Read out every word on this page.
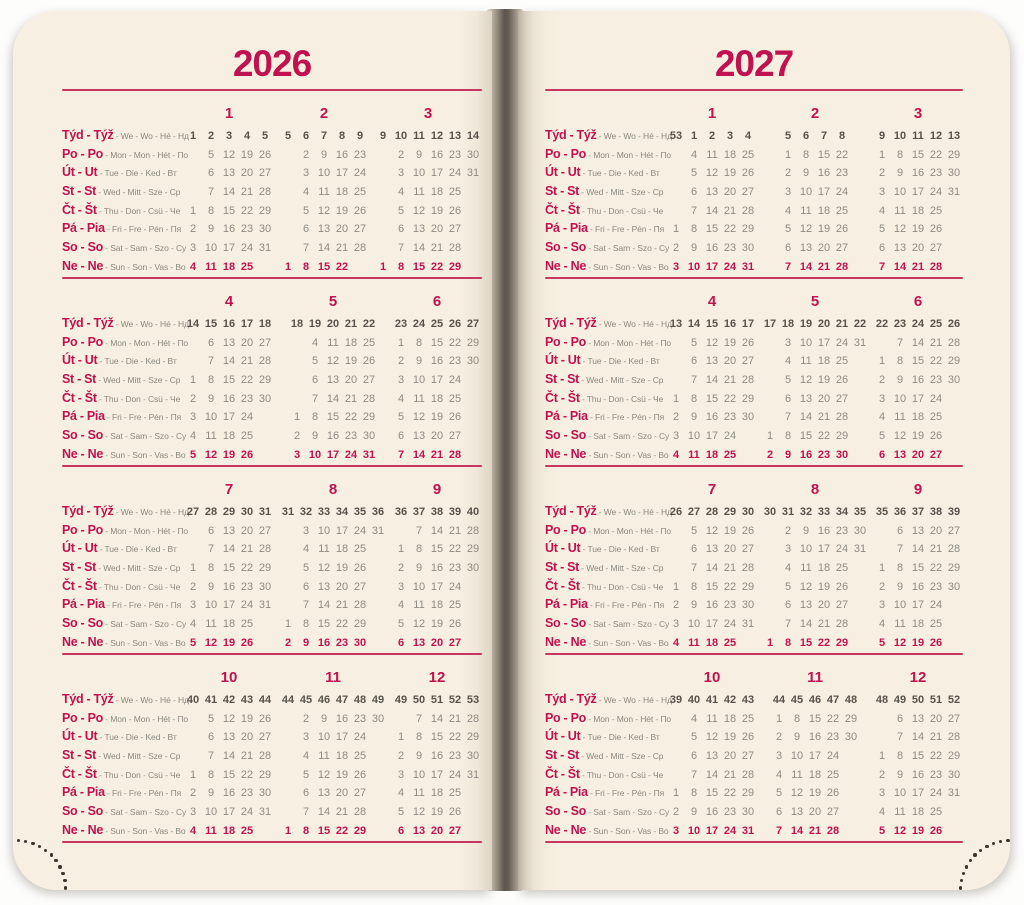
2026
Týd - Týž - We - Wo - Hé - Нд
Po - Po - Mon - Mon - Hét - По
Út - Ut - Tue - Die - Ked - Вт
St - St - Wed - Mitt - Sze - Ср
Čt - Št - Thu - Don - Csü - Че
Pá - Pia - Fri - Fre - Pén - Пя
So - So - Sat - Sam - Szo - Су
Ne - Ne - Sun - Son - Vas - Во
1
1 2 3 4 5
5 12 19 26
6 13 20 27
7 14 21 28
1 8 15 22 29
2 9 16 23 30
3 10 17 24 31
4 11 18 25
2
5 6 7 8 9
2 9 16 23
3 10 17 24
4 11 18 25
5 12 19 26
6 13 20 27
7 14 21 28
1 8 15 22
3
9 10 11 12 13 14
2 9 16 23 30
3 10 17 24 31
4 11 18 25
5 12 19 26
6 13 20 27
7 14 21 28
1 8 15 22 29
Týd - Týž - We - Wo - Hé - Нд
Po - Po - Mon - Mon - Hét - По
Út - Ut - Tue - Die - Ked - Вт
St - St - Wed - Mitt - Sze - Ср
Čt - Št - Thu - Don - Csü - Че
Pá - Pia - Fri - Fre - Pén - Пя
So - So - Sat - Sam - Szo - Су
Ne - Ne - Sun - Son - Vas - Во
4
14 15 16 17 18
6 13 20 27
7 14 21 28
1 8 15 22 29
2 9 16 23 30
3 10 17 24
4 11 18 25
5 12 19 26
5
18 19 20 21 22
4 11 18 25
5 12 19 26
6 13 20 27
7 14 21 28
1 8 15 22 29
2 9 16 23 30
3 10 17 24 31
6
23 24 25 26 27
1 8 15 22 29
2 9 16 23 30
3 10 17 24
4 11 18 25
5 12 19 26
6 13 20 27
7 14 21 28
Týd - Týž - We - Wo - Hé - Нд
Po - Po - Mon - Mon - Hét - По
Út - Ut - Tue - Die - Ked - Вт
St - St - Wed - Mitt - Sze - Ср
Čt - Št - Thu - Don - Csü - Че
Pá - Pia - Fri - Fre - Pén - Пя
So - So - Sat - Sam - Szo - Су
Ne - Ne - Sun - Son - Vas - Во
7
27 28 29 30 31
6 13 20 27
7 14 21 28
1 8 15 22 29
2 9 16 23 30
3 10 17 24 31
4 11 18 25
5 12 19 26
8
31 32 33 34 35 36
3 10 17 24 31
4 11 18 25
5 12 19 26
6 13 20 27
7 14 21 28
1 8 15 22 29
2 9 16 23 30
9
36 37 38 39 40
7 14 21 28
1 8 15 22 29
2 9 16 23 30
3 10 17 24
4 11 18 25
5 12 19 26
6 13 20 27
Týd - Týž - We - Wo - Hé - Нд
Po - Po - Mon - Mon - Hét - По
Út - Ut - Tue - Die - Ked - Вт
St - St - Wed - Mitt - Sze - Ср
Čt - Št - Thu - Don - Csü - Че
Pá - Pia - Fri - Fre - Pén - Пя
So - So - Sat - Sam - Szo - Су
Ne - Ne - Sun - Son - Vas - Во
10
40 41 42 43 44
5 12 19 26
6 13 20 27
7 14 21 28
1 8 15 22 29
2 9 16 23 30
3 10 17 24 31
4 11 18 25
11
44 45 46 47 48 49
2 9 16 23 30
3 10 17 24
4 11 18 25
5 12 19 26
6 13 20 27
7 14 21 28
1 8 15 22 29
12
49 50 51 52 53
7 14 21 28
1 8 15 22 29
2 9 16 23 30
3 10 17 24 31
4 11 18 25
5 12 19 26
6 13 20 27
2027
Týd - Týž - We - Wo - Hé - Нд
Po - Po - Mon - Mon - Hét - По
Út - Ut - Tue - Die - Ked - Вт
St - St - Wed - Mitt - Sze - Ср
Čt - Št - Thu - Don - Csü - Че
Pá - Pia - Fri - Fre - Pén - Пя
So - So - Sat - Sam - Szo - Су
Ne - Ne - Sun - Son - Vas - Во
1
53 1 2 3 4
4 11 18 25
5 12 19 26
6 13 20 27
7 14 21 28
1 8 15 22 29
2 9 16 23 30
3 10 17 24 31
2
5 6 7 8
1 8 15 22
2 9 16 23
3 10 17 24
4 11 18 25
5 12 19 26
6 13 20 27
7 14 21 28
3
9 10 11 12 13
1 8 15 22 29
2 9 16 23 30
3 10 17 24 31
4 11 18 25
5 12 19 26
6 13 20 27
7 14 21 28
Týd - Týž - We - Wo - Hé - Нд
Po - Po - Mon - Mon - Hét - По
Út - Ut - Tue - Die - Ked - Вт
St - St - Wed - Mitt - Sze - Ср
Čt - Št - Thu - Don - Csü - Че
Pá - Pia - Fri - Fre - Pén - Пя
So - So - Sat - Sam - Szo - Су
Ne - Ne - Sun - Son - Vas - Во
4
13 14 15 16 17
5 12 19 26
6 13 20 27
7 14 21 28
1 8 15 22 29
2 9 16 23 30
3 10 17 24
4 11 18 25
5
17 18 19 20 21 22
3 10 17 24 31
4 11 18 25
5 12 19 26
6 13 20 27
7 14 21 28
1 8 15 22 29
2 9 16 23 30
6
22 23 24 25 26
7 14 21 28
1 8 15 22 29
2 9 16 23 30
3 10 17 24
4 11 18 25
5 12 19 26
6 13 20 27
Týd - Týž - We - Wo - Hé - Нд
Po - Po - Mon - Mon - Hét - По
Út - Ut - Tue - Die - Ked - Вт
St - St - Wed - Mitt - Sze - Ср
Čt - Št - Thu - Don - Csü - Че
Pá - Pia - Fri - Fre - Pén - Пя
So - So - Sat - Sam - Szo - Су
Ne - Ne - Sun - Son - Vas - Во
7
26 27 28 29 30
5 12 19 26
6 13 20 27
7 14 21 28
1 8 15 22 29
2 9 16 23 30
3 10 17 24 31
4 11 18 25
8
30 31 32 33 34 35
2 9 16 23 30
3 10 17 24 31
4 11 18 25
5 12 19 26
6 13 20 27
7 14 21 28
1 8 15 22 29
9
35 36 37 38 39
6 13 20 27
7 14 21 28
1 8 15 22 29
2 9 16 23 30
3 10 17 24
4 11 18 25
5 12 19 26
Týd - Týž - We - Wo - Hé - Нд
Po - Po - Mon - Mon - Hét - По
Út - Ut - Tue - Die - Ked - Вт
St - St - Wed - Mitt - Sze - Ср
Čt - Št - Thu - Don - Csü - Че
Pá - Pia - Fri - Fre - Pén - Пя
So - So - Sat - Sam - Szo - Су
Ne - Ne - Sun - Son - Vas - Во
10
39 40 41 42 43
4 11 18 25
5 12 19 26
6 13 20 27
7 14 21 28
1 8 15 22 29
2 9 16 23 30
3 10 17 24 31
11
44 45 46 47 48
1 8 15 22 29
2 9 16 23 30
3 10 17 24
4 11 18 25
5 12 19 26
6 13 20 27
7 14 21 28
12
48 49 50 51 52
6 13 20 27
7 14 21 28
1 8 15 22 29
2 9 16 23 30
3 10 17 24 31
4 11 18 25
5 12 19 26
